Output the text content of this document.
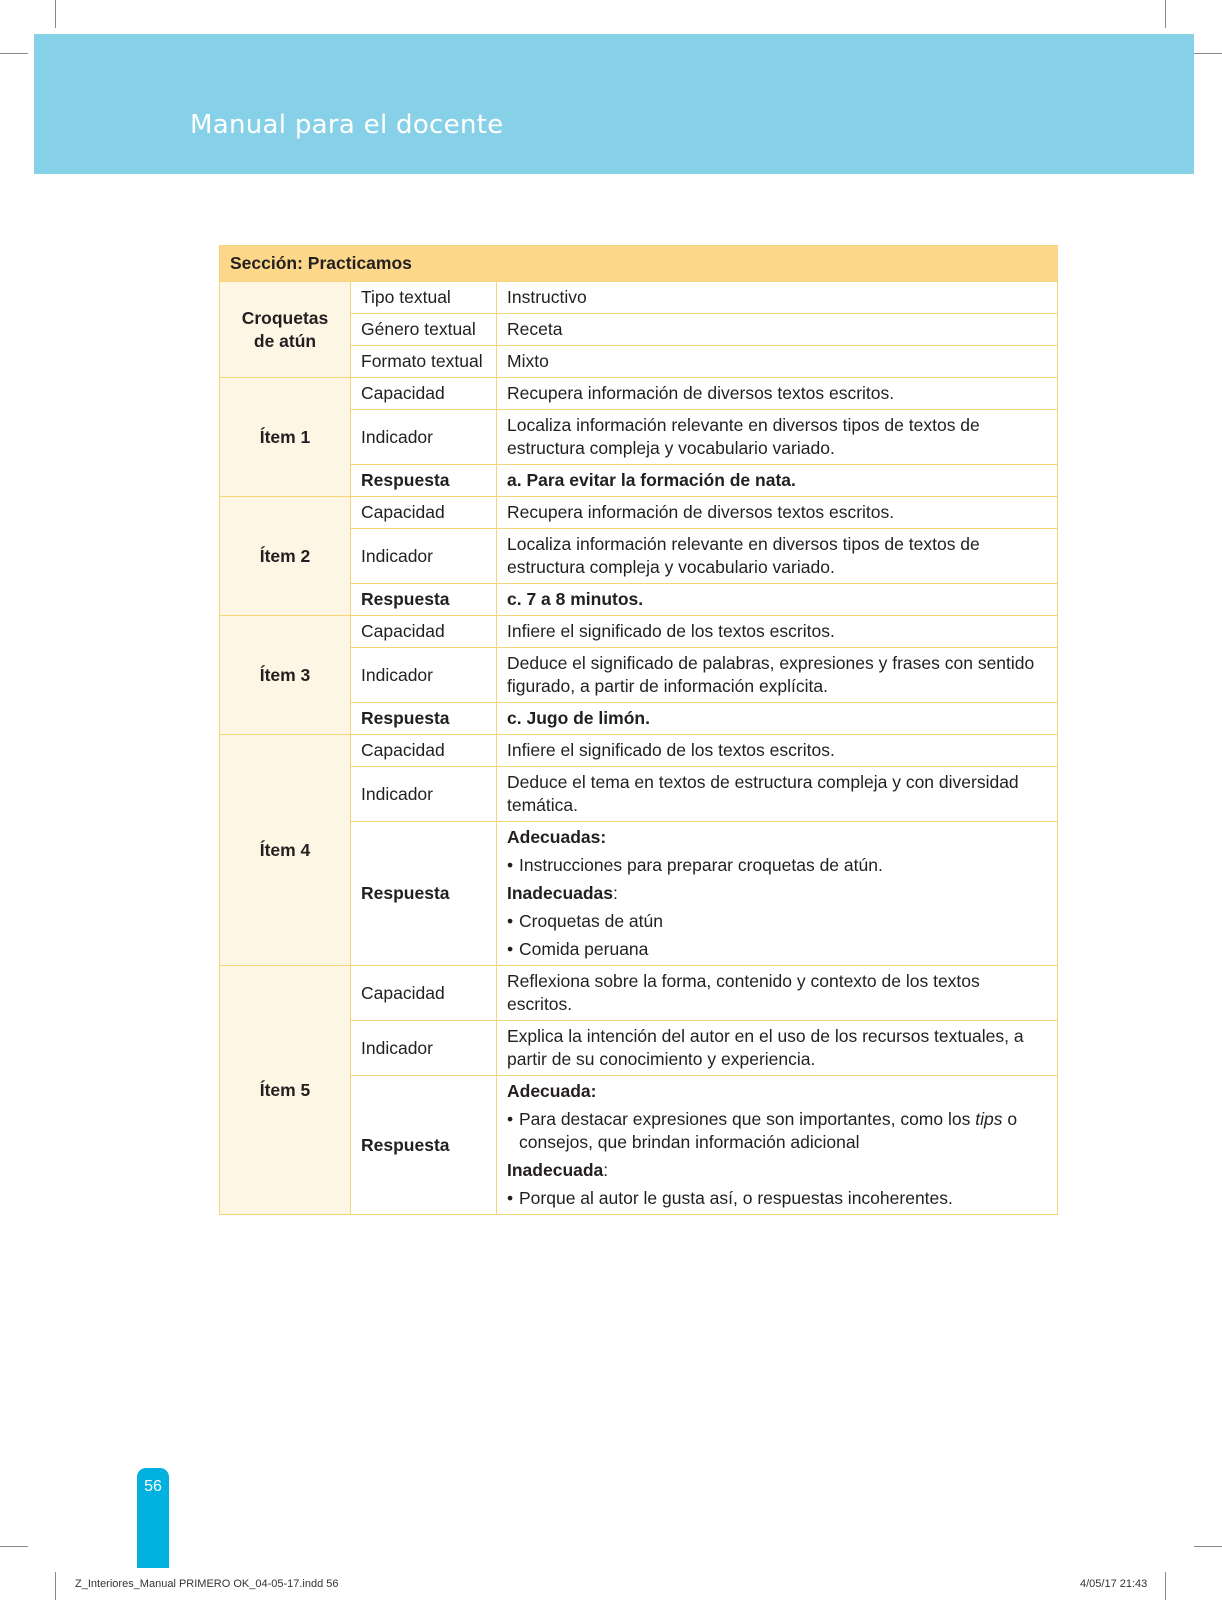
Manual para el docente
Sección: Practicamos		
Croquetas de atún	Tipo textual	Instructivo
	Género textual	Receta
	Formato textual	Mixto
Ítem 1	Capacidad	Recupera información de diversos textos escritos.
	Indicador	Localiza información relevante en diversos tipos de textos de estructura compleja y vocabulario variado.
	Respuesta	a. Para evitar la formación de nata.
Ítem 2	Capacidad	Recupera información de diversos textos escritos.
	Indicador	Localiza información relevante en diversos tipos de textos de estructura compleja y vocabulario variado.
	Respuesta	c. 7 a 8 minutos.
Ítem 3	Capacidad	Infiere el significado de los textos escritos.
	Indicador	Deduce el significado de palabras, expresiones y frases con sentido figurado, a partir de información explícita.
	Respuesta	c. Jugo de limón.
Ítem 4	Capacidad	Infiere el significado de los textos escritos.
	Indicador	Deduce el tema en textos de estructura compleja y con diversidad temática.
	Respuesta	Adecuadas:
• Instrucciones para preparar croquetas de atún.
Inadecuadas:
• Croquetas de atún
• Comida peruana

Ítem 5	Capacidad	Reflexiona sobre la forma, contenido y contexto de los textos escritos.
	Indicador	Explica la intención del autor en el uso de los recursos textuales, a partir de su conocimiento y experiencia.
	Respuesta	Adecuada:
• Para destacar expresiones que son importantes, como los tips o consejos, que brindan información adicional
Inadecuada:
• Porque al autor le gusta así, o respuestas incoherentes.
56
Z_Interiores_Manual PRIMERO OK_04-05-17.indd 56	4/05/17 21:43
